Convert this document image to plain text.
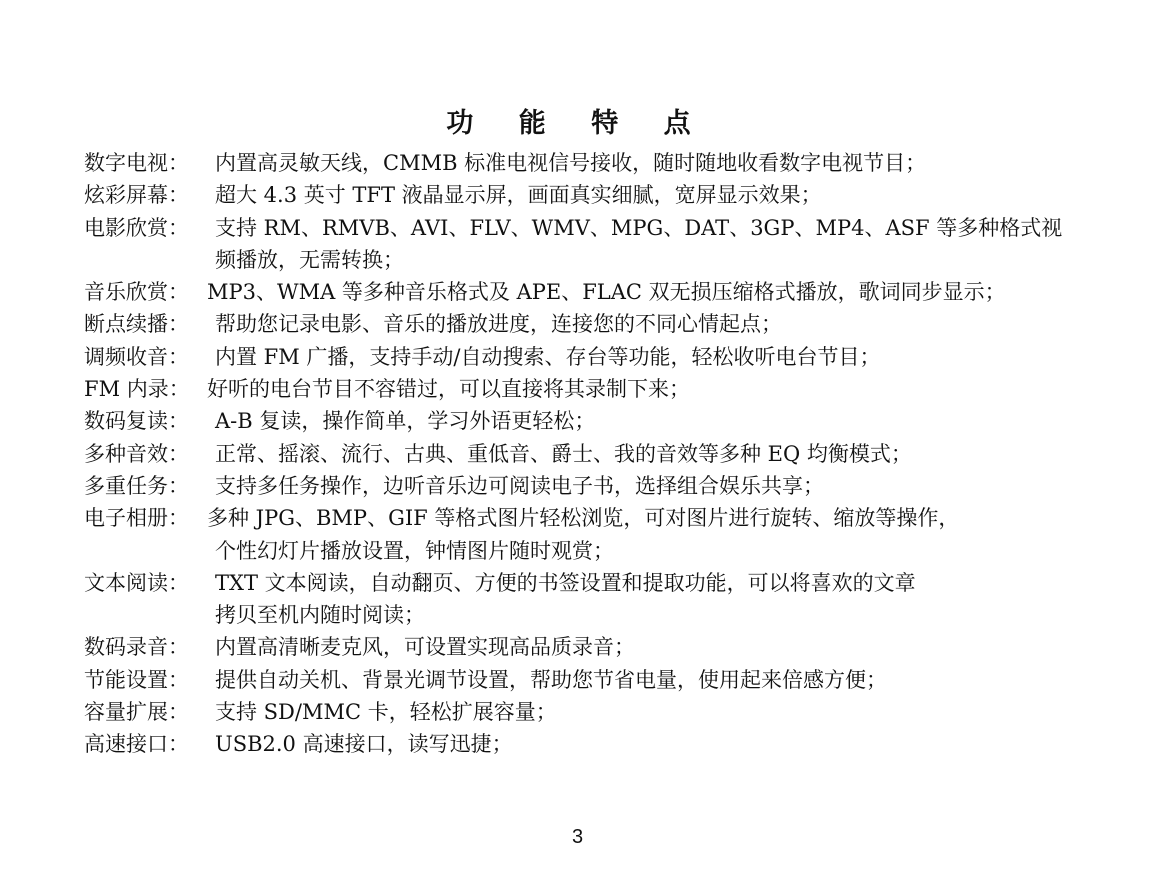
功 能 特 点
数字电视：	内置高灵敏天线，CMMB 标准电视信号接收，随时随地收看数字电视节目；
炫彩屏幕：	超大 4.3 英寸 TFT 液晶显示屏，画面真实细腻，宽屏显示效果；
电影欣赏：	支持 RM、RMVB、AVI、FLV、WMV、MPG、DAT、3GP、MP4、ASF 等多种格式视
频播放，无需转换；
音乐欣赏： MP3、WMA 等多种音乐格式及 APE、FLAC 双无损压缩格式播放，歌词同步显示；
断点续播：	帮助您记录电影、音乐的播放进度，连接您的不同心情起点；
调频收音：	内置 FM 广播，支持手动/自动搜索、存台等功能，轻松收听电台节目；
FM 内录： 好听的电台节目不容错过，可以直接将其录制下来；
数码复读：	A-B 复读，操作简单，学习外语更轻松；
多种音效：	正常、摇滚、流行、古典、重低音、爵士、我的音效等多种 EQ 均衡模式；
多重任务：	支持多任务操作，边听音乐边可阅读电子书，选择组合娱乐共享；
电子相册： 多种 JPG、BMP、GIF 等格式图片轻松浏览，可对图片进行旋转、缩放等操作，
个性幻灯片播放设置，钟情图片随时观赏；
文本阅读：	TXT 文本阅读，自动翻页、方便的书签设置和提取功能，可以将喜欢的文章
拷贝至机内随时阅读；
数码录音：	内置高清晰麦克风，可设置实现高品质录音；
节能设置：	提供自动关机、背景光调节设置，帮助您节省电量，使用起来倍感方便；
容量扩展：	支持 SD/MMC 卡，轻松扩展容量；
高速接口：	USB2.0 高速接口，读写迅捷；
3
